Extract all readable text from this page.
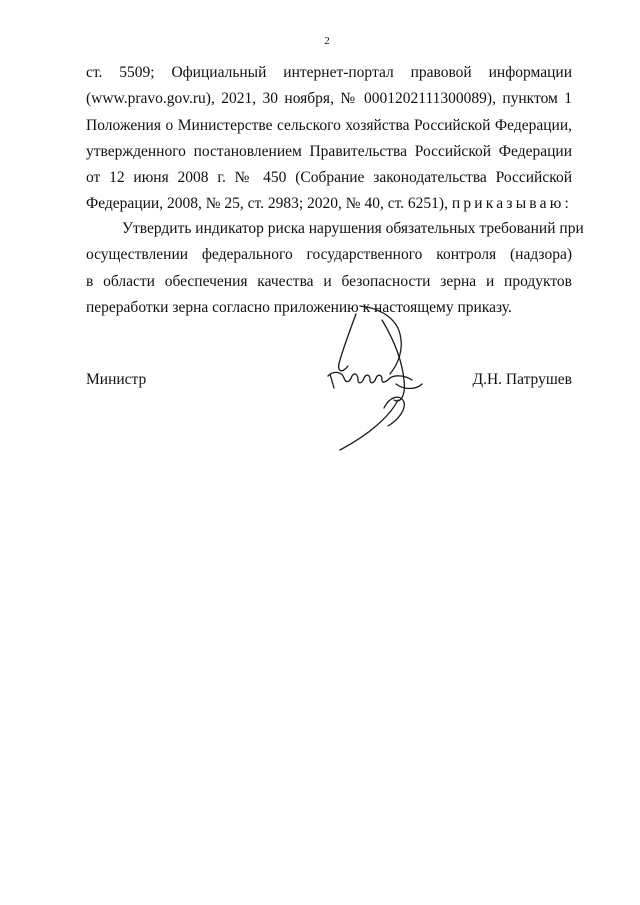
2
ст. 5509; Официальный интернет-портал правовой информации
(www.pravo.gov.ru), 2021, 30 ноября, № 0001202111300089), пунктом 1
Положения о Министерстве сельского хозяйства Российской Федерации,
утвержденного постановлением Правительства Российской Федерации
от 12 июня 2008 г. № 450 (Собрание законодательства Российской
Федерации, 2008, № 25, ст. 2983; 2020, № 40, ст. 6251), приказываю:
Утвердить индикатор риска нарушения обязательных требований при
осуществлении федерального государственного контроля (надзора)
в области обеспечения качества и безопасности зерна и продуктов
переработки зерна согласно приложению к настоящему приказу.
Министр	Д.Н. Патрушев
